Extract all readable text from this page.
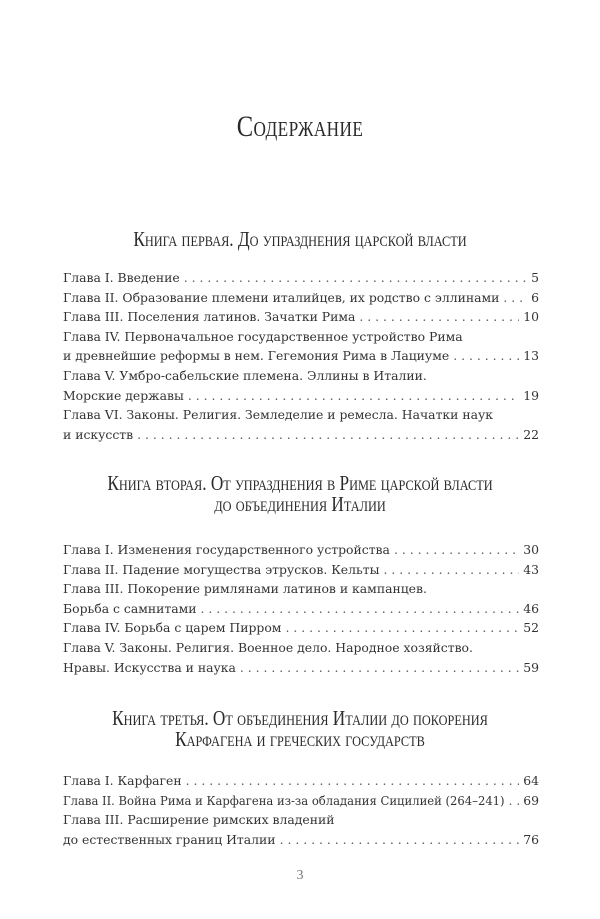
Содержание
Книга первая. До упразднения царской власти
Глава I. Введение . . .	5
Глава II. Образование племени италийцев, их родство с эллинами . . .	6
Глава III. Поселения латинов. Зачатки Рима . . .	10
Глава IV. Первоначальное государственное устройство Рима
и древнейшие реформы в нем. Гегемония Рима в Лациуме . . .	13
Глава V. Умбро-сабельские племена. Эллины в Италии.
Морские державы . . .	19
Глава VI. Законы. Религия. Земледелие и ремесла. Начатки наук
и искусств . . .	22
Книга вторая. От упразднения в Риме царской власти
до объединения Италии
Глава I. Изменения государственного устройства . . .	30
Глава II. Падение могущества этрусков. Кельты . . .	43
Глава III. Покорение римлянами латинов и кампанцев.
Борьба с самнитами . . .	46
Глава IV. Борьба с царем Пирром . . .	52
Глава V. Законы. Религия. Военное дело. Народное хозяйство.
Нравы. Искусства и наука . . .	59
Книга третья. От объединения Италии до покорения
Карфагена и греческих государств
Глава I. Карфаген . . .	64
Глава II. Война Рима и Карфагена из-за обладания Сицилией (264–241) . . .	69
Глава III. Расширение римских владений
до естественных границ Италии . . .	76
3
